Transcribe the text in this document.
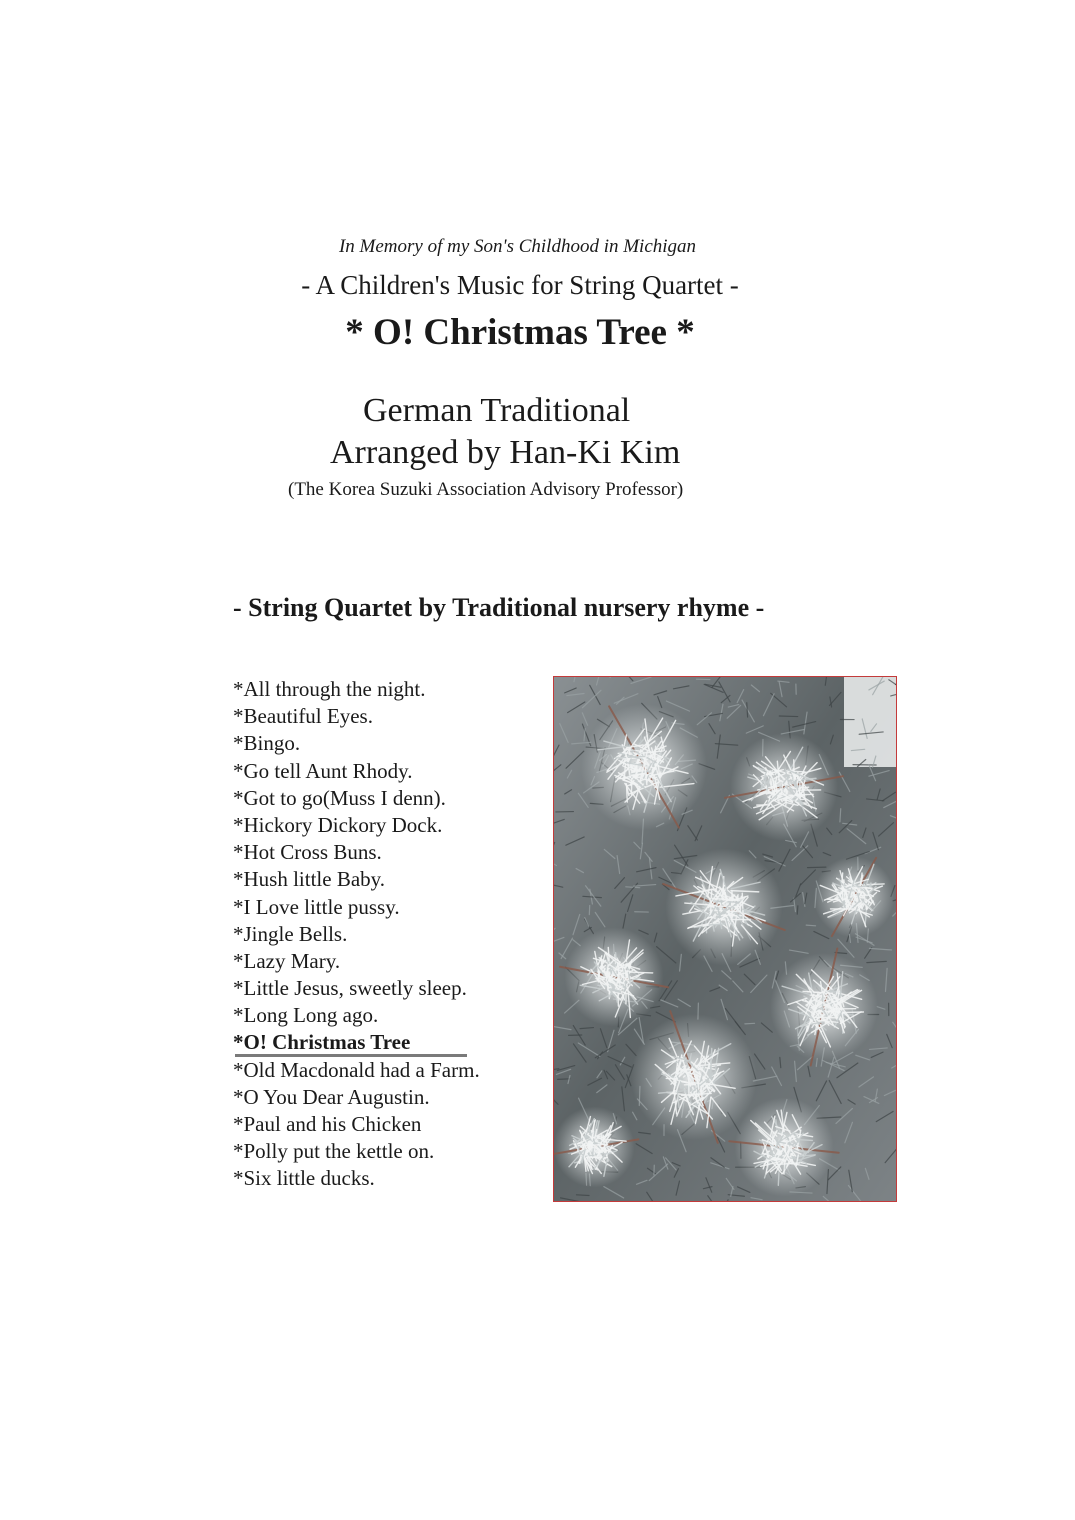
In Memory of my Son's Childhood in Michigan
- A Children's Music for String Quartet -
* O! Christmas Tree *
German Traditional
Arranged by Han-Ki Kim
(The Korea Suzuki Association Advisory Professor)
- String Quartet by Traditional nursery rhyme -
*All through the night.
*Beautiful Eyes.
*Bingo.
*Go tell Aunt Rhody.
*Got to go(Muss I denn).
*Hickory Dickory Dock.
*Hot Cross Buns.
*Hush little Baby.
*I Love little pussy.
*Jingle Bells.
*Lazy Mary.
*Little Jesus, sweetly sleep.
*Long Long ago.
*O! Christmas Tree
*Old Macdonald had a Farm.
*O You Dear Augustin.
*Paul and his Chicken
*Polly put the kettle on.
*Six little ducks.
